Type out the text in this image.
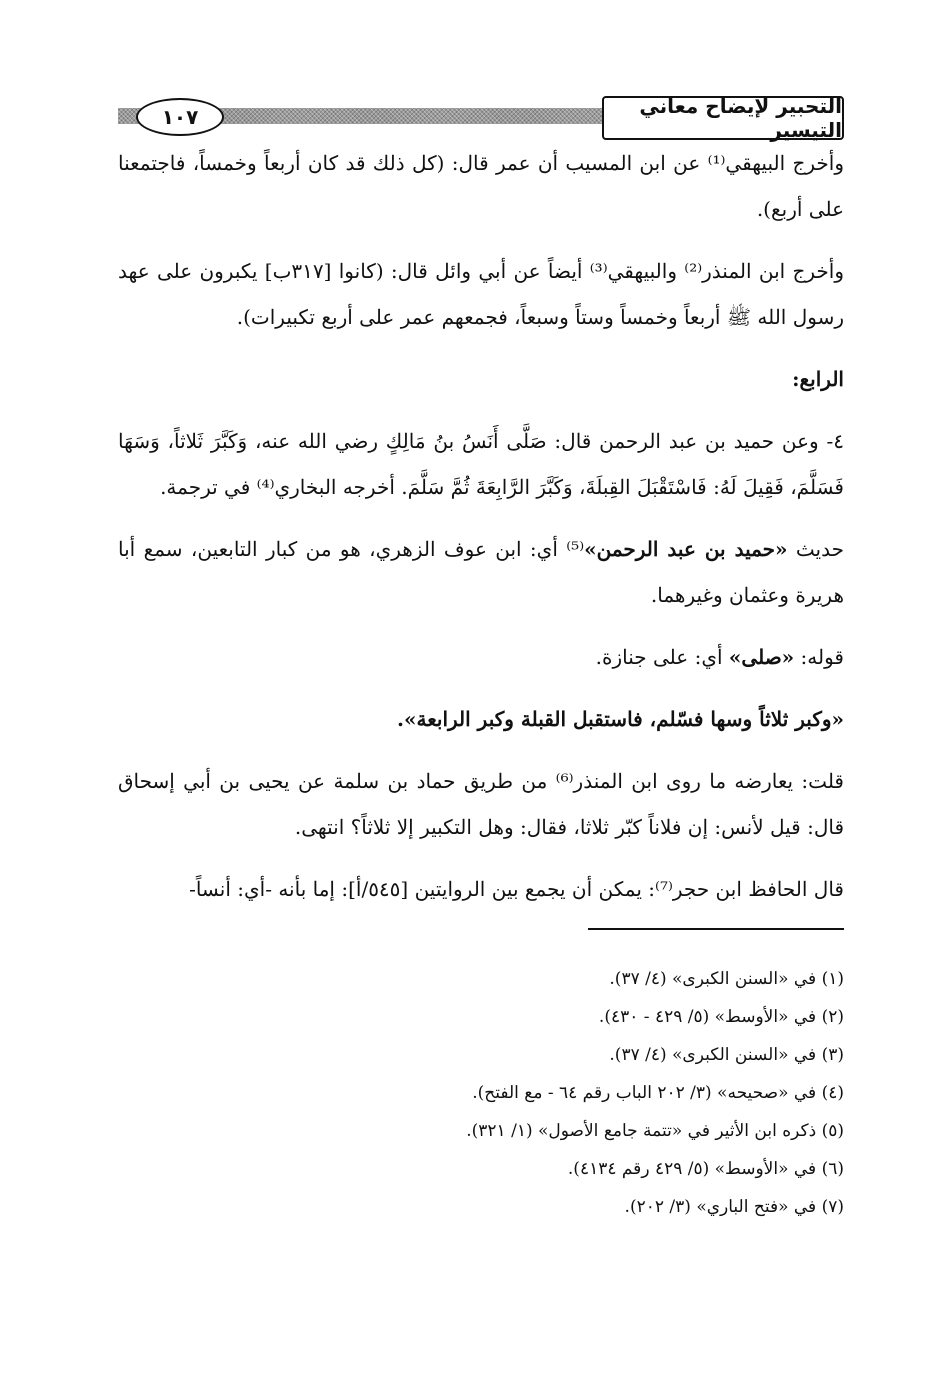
التحبير لإيضاح معاني التيسير
١٠٧

وأخرج البيهقي⁽¹⁾ عن ابن المسيب أن عمر قال: (كل ذلك قد كان أربعاً وخمساً، فاجتمعنا على أربع).

وأخرج ابن المنذر⁽²⁾ والبيهقي⁽³⁾ أيضاً عن أبي وائل قال: (كانوا [٣١٧ب] يكبرون على عهد رسول الله ﷺ أربعاً وخمساً وستاً وسبعاً، فجمعهم عمر على أربع تكبيرات).

الرابع:

٤- وعن حميد بن عبد الرحمن قال: صَلَّى أَنَسُ بنُ مَالِكٍ رضي الله عنه، وَكَبَّرَ ثَلاثاً، وَسَهَا فَسَلَّمَ، فَقِيلَ لَهُ: فَاسْتَقْبَلَ القِبلَةَ، وَكَبَّرَ الرَّابِعَةَ ثُمَّ سَلَّمَ. أخرجه البخاري⁽⁴⁾ في ترجمة.

حديث «حميد بن عبد الرحمن»⁽⁵⁾ أي: ابن عوف الزهري، هو من كبار التابعين، سمع أبا هريرة وعثمان وغيرهما.

قوله: «صلى» أي: على جنازة.

«وكبر ثلاثاً وسها فسّلم، فاستقبل القبلة وكبر الرابعة».

قلت: يعارضه ما روى ابن المنذر⁽⁶⁾ من طريق حماد بن سلمة عن يحيى بن أبي إسحاق قال: قيل لأنس: إن فلاناً كبّر ثلاثا، فقال: وهل التكبير إلا ثلاثاً؟ انتهى.

قال الحافظ ابن حجر⁽⁷⁾: يمكن أن يجمع بين الروايتين [٥٤٥/أ]: إما بأنه -أي: أنساً-

(١) في «السنن الكبرى» (٤/ ٣٧).
(٢) في «الأوسط» (٥/ ٤٢٩ - ٤٣٠).
(٣) في «السنن الكبرى» (٤/ ٣٧).
(٤) في «صحيحه» (٣/ ٢٠٢ الباب رقم ٦٤ - مع الفتح).
(٥) ذكره ابن الأثير في «تتمة جامع الأصول» (١/ ٣٢١).
(٦) في «الأوسط» (٥/ ٤٢٩ رقم ٤١٣٤).
(٧) في «فتح الباري» (٣/ ٢٠٢).
